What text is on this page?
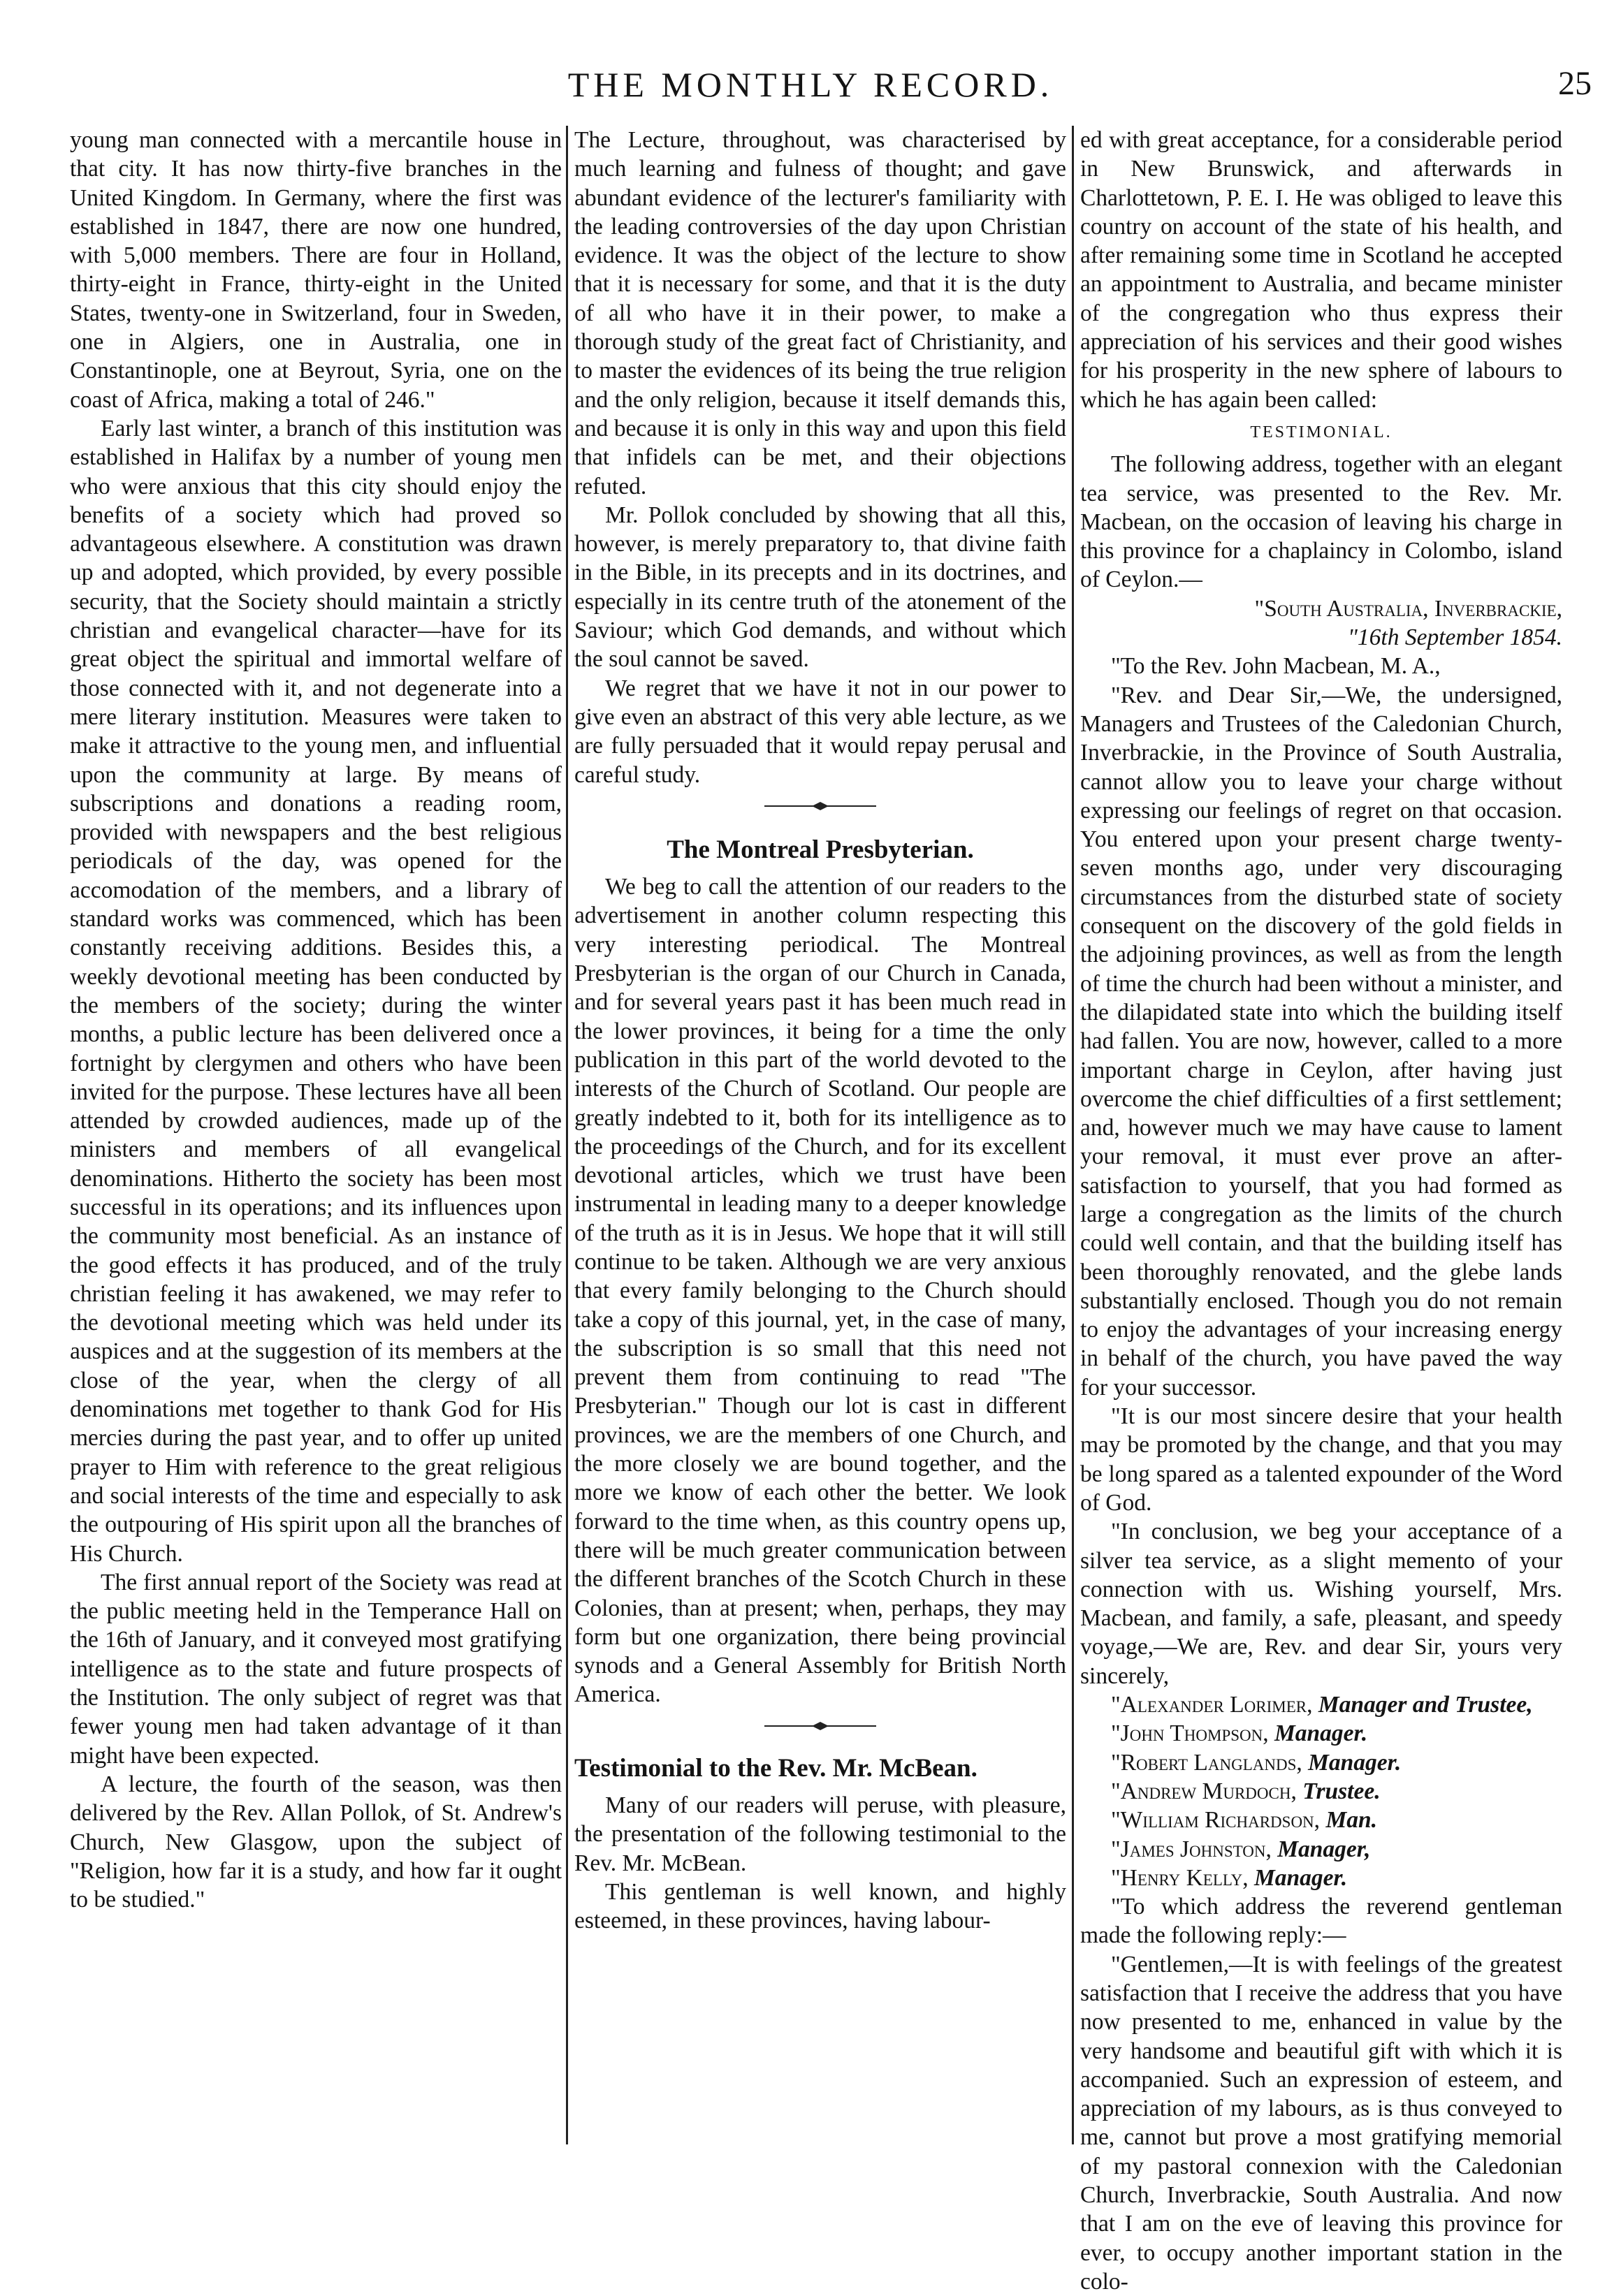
THE MONTHLY RECORD.	25

young man connected with a mercantile house in that city. It has now thirty-five branches in the United Kingdom. In Germany, where the first was established in 1847, there are now one hundred, with 5,000 members. There are four in Holland, thirty-eight in France, thirty-eight in the United States, twenty-one in Switzerland, four in Sweden, one in Algiers, one in Australia, one in Constantinople, one at Beyrout, Syria, one on the coast of Africa, making a total of 246."

Early last winter, a branch of this institution was established in Halifax by a number of young men who were anxious that this city should enjoy the benefits of a society which had proved so advantageous elsewhere. A constitution was drawn up and adopted, which provided, by every possible security, that the Society should maintain a strictly christian and evangelical character—have for its great object the spiritual and immortal welfare of those connected with it, and not degenerate into a mere literary institution. Measures were taken to make it attractive to the young men, and influential upon the community at large. By means of subscriptions and donations a reading room, provided with newspapers and the best religious periodicals of the day, was opened for the accomodation of the members, and a library of standard works was commenced, which has been constantly receiving additions. Besides this, a weekly devotional meeting has been conducted by the members of the society; during the winter months, a public lecture has been delivered once a fortnight by clergymen and others who have been invited for the purpose. These lectures have all been attended by crowded audiences, made up of the ministers and members of all evangelical denominations. Hitherto the society has been most successful in its operations; and its influences upon the community most beneficial. As an instance of the good effects it has produced, and of the truly christian feeling it has awakened, we may refer to the devotional meeting which was held under its auspices and at the suggestion of its members at the close of the year, when the clergy of all denominations met together to thank God for His mercies during the past year, and to offer up united prayer to Him with reference to the great religious and social interests of the time and especially to ask the outpouring of His spirit upon all the branches of His Church.

The first annual report of the Society was read at the public meeting held in the Temperance Hall on the 16th of January, and it conveyed most gratifying intelligence as to the state and future prospects of the Institution. The only subject of regret was that fewer young men had taken advantage of it than might have been expected.

A lecture, the fourth of the season, was then delivered by the Rev. Allan Pollok, of St. Andrew's Church, New Glasgow, upon the subject of "Religion, how far it is a study, and how far it ought to be studied."

The Lecture, throughout, was characterised by much learning and fulness of thought; and gave abundant evidence of the lecturer's familiarity with the leading controversies of the day upon Christian evidence. It was the object of the lecture to show that it is necessary for some, and that it is the duty of all who have it in their power, to make a thorough study of the great fact of Christianity, and to master the evidences of its being the true religion and the only religion, because it itself demands this, and because it is only in this way and upon this field that infidels can be met, and their objections refuted.

Mr. Pollok concluded by showing that all this, however, is merely preparatory to, that divine faith in the Bible, in its precepts and in its doctrines, and especially in its centre truth of the atonement of the Saviour; which God demands, and without which the soul cannot be saved.

We regret that we have it not in our power to give even an abstract of this very able lecture, as we are fully persuaded that it would repay perusal and careful study.

The Montreal Presbyterian.

We beg to call the attention of our readers to the advertisement in another column respecting this very interesting periodical. The Montreal Presbyterian is the organ of our Church in Canada, and for several years past it has been much read in the lower provinces, it being for a time the only publication in this part of the world devoted to the interests of the Church of Scotland. Our people are greatly indebted to it, both for its intelligence as to the proceedings of the Church, and for its excellent devotional articles, which we trust have been instrumental in leading many to a deeper knowledge of the truth as it is in Jesus. We hope that it will still continue to be taken. Although we are very anxious that every family belonging to the Church should take a copy of this journal, yet, in the case of many, the subscription is so small that this need not prevent them from continuing to read "The Presbyterian." Though our lot is cast in different provinces, we are the members of one Church, and the more closely we are bound together, and the more we know of each other the better. We look forward to the time when, as this country opens up, there will be much greater communication between the different branches of the Scotch Church in these Colonies, than at present; when, perhaps, they may form but one organization, there being provincial synods and a General Assembly for British North America.

Testimonial to the Rev. Mr. McBean.

Many of our readers will peruse, with pleasure, the presentation of the following testimonial to the Rev. Mr. McBean.

This gentleman is well known, and highly esteemed, in these provinces, having labour-

ed with great acceptance, for a considerable period in New Brunswick, and afterwards in Charlottetown, P. E. I. He was obliged to leave this country on account of the state of his health, and after remaining some time in Scotland he accepted an appointment to Australia, and became minister of the congregation who thus express their appreciation of his services and their good wishes for his prosperity in the new sphere of labours to which he has again been called:

TESTIMONIAL.

The following address, together with an elegant tea service, was presented to the Rev. Mr. Macbean, on the occasion of leaving his charge in this province for a chaplaincy in Colombo, island of Ceylon.—

"South Australia, Inverbrackie,

"16th September 1854.

"To the Rev. John Macbean, M. A.,

"Rev. and Dear Sir,—We, the undersigned, Managers and Trustees of the Caledonian Church, Inverbrackie, in the Province of South Australia, cannot allow you to leave your charge without expressing our feelings of regret on that occasion. You entered upon your present charge twenty-seven months ago, under very discouraging circumstances from the disturbed state of society consequent on the discovery of the gold fields in the adjoining provinces, as well as from the length of time the church had been without a minister, and the dilapidated state into which the building itself had fallen. You are now, however, called to a more important charge in Ceylon, after having just overcome the chief difficulties of a first settlement; and, however much we may have cause to lament your removal, it must ever prove an after-satisfaction to yourself, that you had formed as large a congregation as the limits of the church could well contain, and that the building itself has been thoroughly renovated, and the glebe lands substantially enclosed. Though you do not remain to enjoy the advantages of your increasing energy in behalf of the church, you have paved the way for your successor.

"It is our most sincere desire that your health may be promoted by the change, and that you may be long spared as a talented expounder of the Word of God.

"In conclusion, we beg your acceptance of a silver tea service, as a slight memento of your connection with us. Wishing yourself, Mrs. Macbean, and family, a safe, pleasant, and speedy voyage,—We are, Rev. and dear Sir, yours very sincerely,

"Alexander Lorimer, Manager and Trustee,

"John Thompson, Manager.

"Robert Langlands, Manager.

"Andrew Murdoch, Trustee.

"William Richardson, Man.

"James Johnston, Manager,

"Henry Kelly, Manager.

"To which address the reverend gentleman made the following reply:—

"Gentlemen,—It is with feelings of the greatest satisfaction that I receive the address that you have now presented to me, enhanced in value by the very handsome and beautiful gift with which it is accompanied. Such an expression of esteem, and appreciation of my labours, as is thus conveyed to me, cannot but prove a most gratifying memorial of my pastoral connexion with the Caledonian Church, Inverbrackie, South Australia. And now that I am on the eve of leaving this province for ever, to occupy another important station in the colo-
